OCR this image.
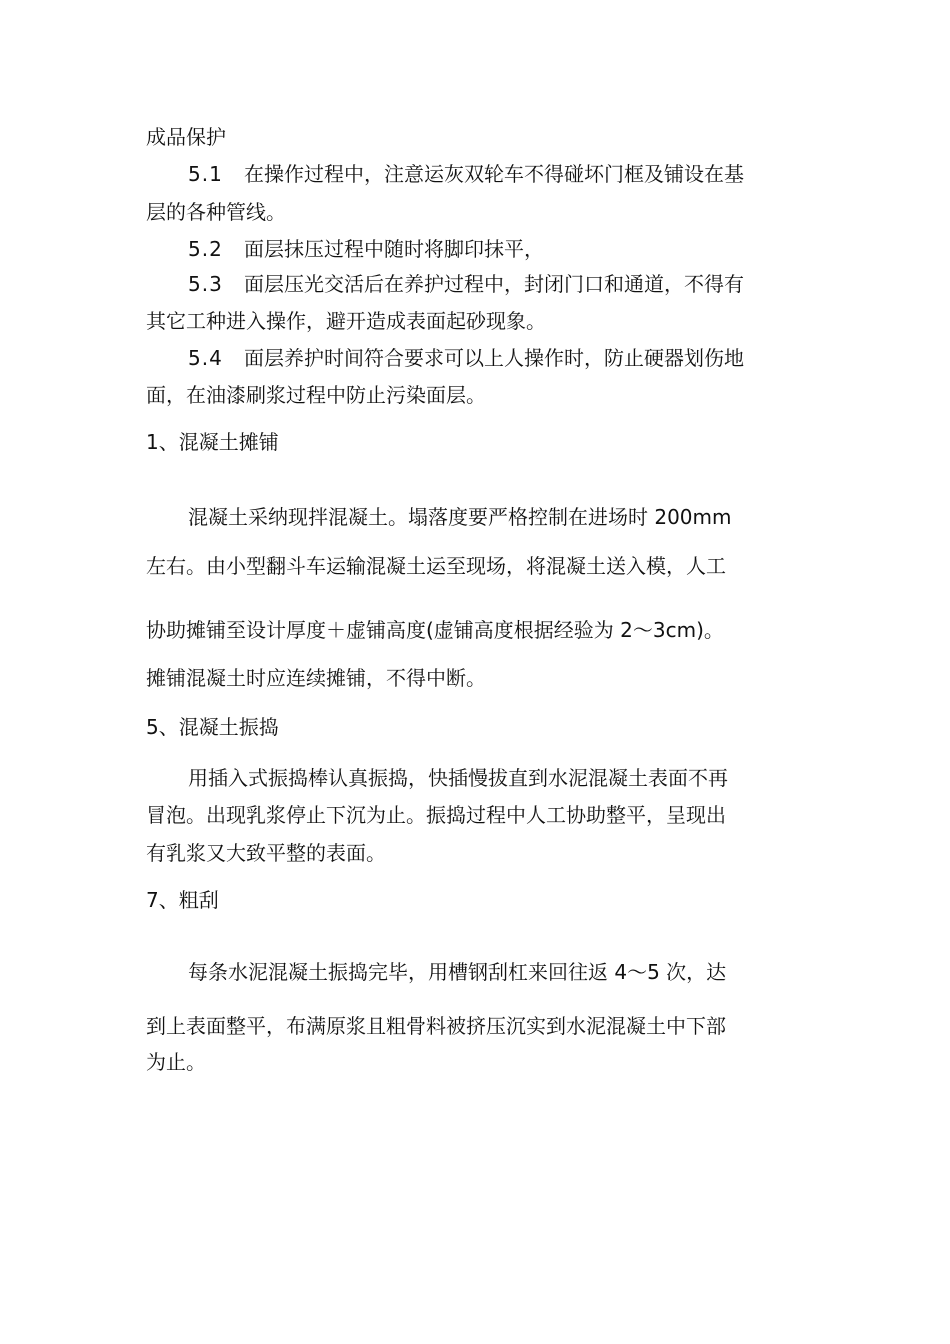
成品保护
5.1 在操作过程中，注意运灰双轮车不得碰坏门框及铺设在基
层的各种管线。
5.2 面层抹压过程中随时将脚印抹平，
5.3 面层压光交活后在养护过程中，封闭门口和通道，不得有
其它工种进入操作，避开造成表面起砂现象。
5.4 面层养护时间符合要求可以上人操作时，防止硬器划伤地
面，在油漆刷浆过程中防止污染面层。
1、混凝土摊铺
混凝土采纳现拌混凝土。塌落度要严格控制在进场时 200mm
左右。由小型翻斗车运输混凝土运至现场，将混凝土送入模，人工
协助摊铺至设计厚度＋虚铺高度(虚铺高度根据经验为 2～3cm)。
摊铺混凝土时应连续摊铺，不得中断。
5、混凝土振捣
用插入式振捣棒认真振捣，快插慢拔直到水泥混凝土表面不再
冒泡。出现乳浆停止下沉为止。振捣过程中人工协助整平，呈现出
有乳浆又大致平整的表面。
7、粗刮
每条水泥混凝土振捣完毕，用槽钢刮杠来回往返 4～5 次，达
到上表面整平，布满原浆且粗骨料被挤压沉实到水泥混凝土中下部
为止。
